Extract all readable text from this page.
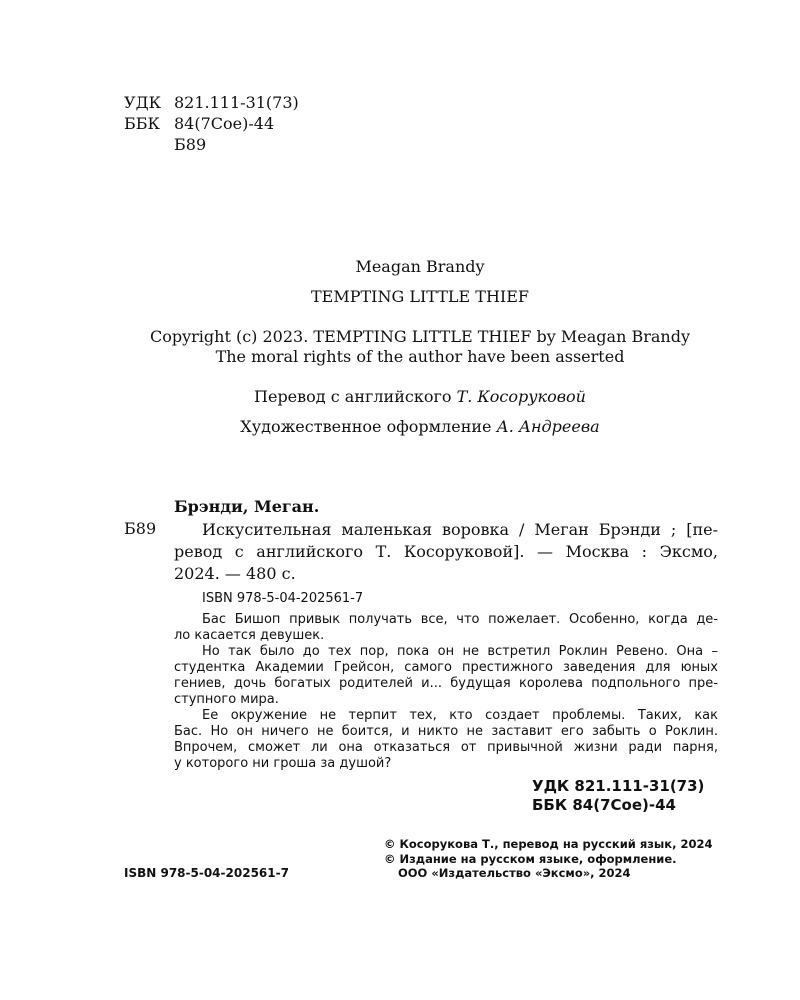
УДК 821.111-31(73)
ББК 84(7Сое)-44
Б89

Meagan Brandy

TEMPTING LITTLE THIEF

Copyright (c) 2023. TEMPTING LITTLE THIEF by Meagan Brandy

The moral rights of the author have been asserted

Перевод с английского Т. Косоруковой

Художественное оформление А. Андреева

Брэнди, Меган.

Б89	Искусительная маленькая воровка / Меган Брэнди ; [пе-
ревод с английского Т. Косоруковой]. — Москва : Эксмо,
2024. — 480 с.

ISBN 978-5-04-202561-7

Бас Бишоп привык получать все, что пожелает. Особенно, когда де-
ло касается девушек.
Но так было до тех пор, пока он не встретил Роклин Ревено. Она –
студентка Академии Грейсон, самого престижного заведения для юных
гениев, дочь богатых родителей и... будущая королева подпольного пре-
ступного мира.
Ее окружение не терпит тех, кто создает проблемы. Таких, как
Бас. Но он ничего не боится, и никто не заставит его забыть о Роклин.
Впрочем, сможет ли она отказаться от привычной жизни ради парня,
у которого ни гроша за душой?
УДК 821.111-31(73)
ББК 84(7Сое)-44
© Косорукова Т., перевод на русский язык, 2024
© Издание на русском языке, оформление.
ООО «Издательство «Эксмо», 2024

ISBN 978-5-04-202561-7
